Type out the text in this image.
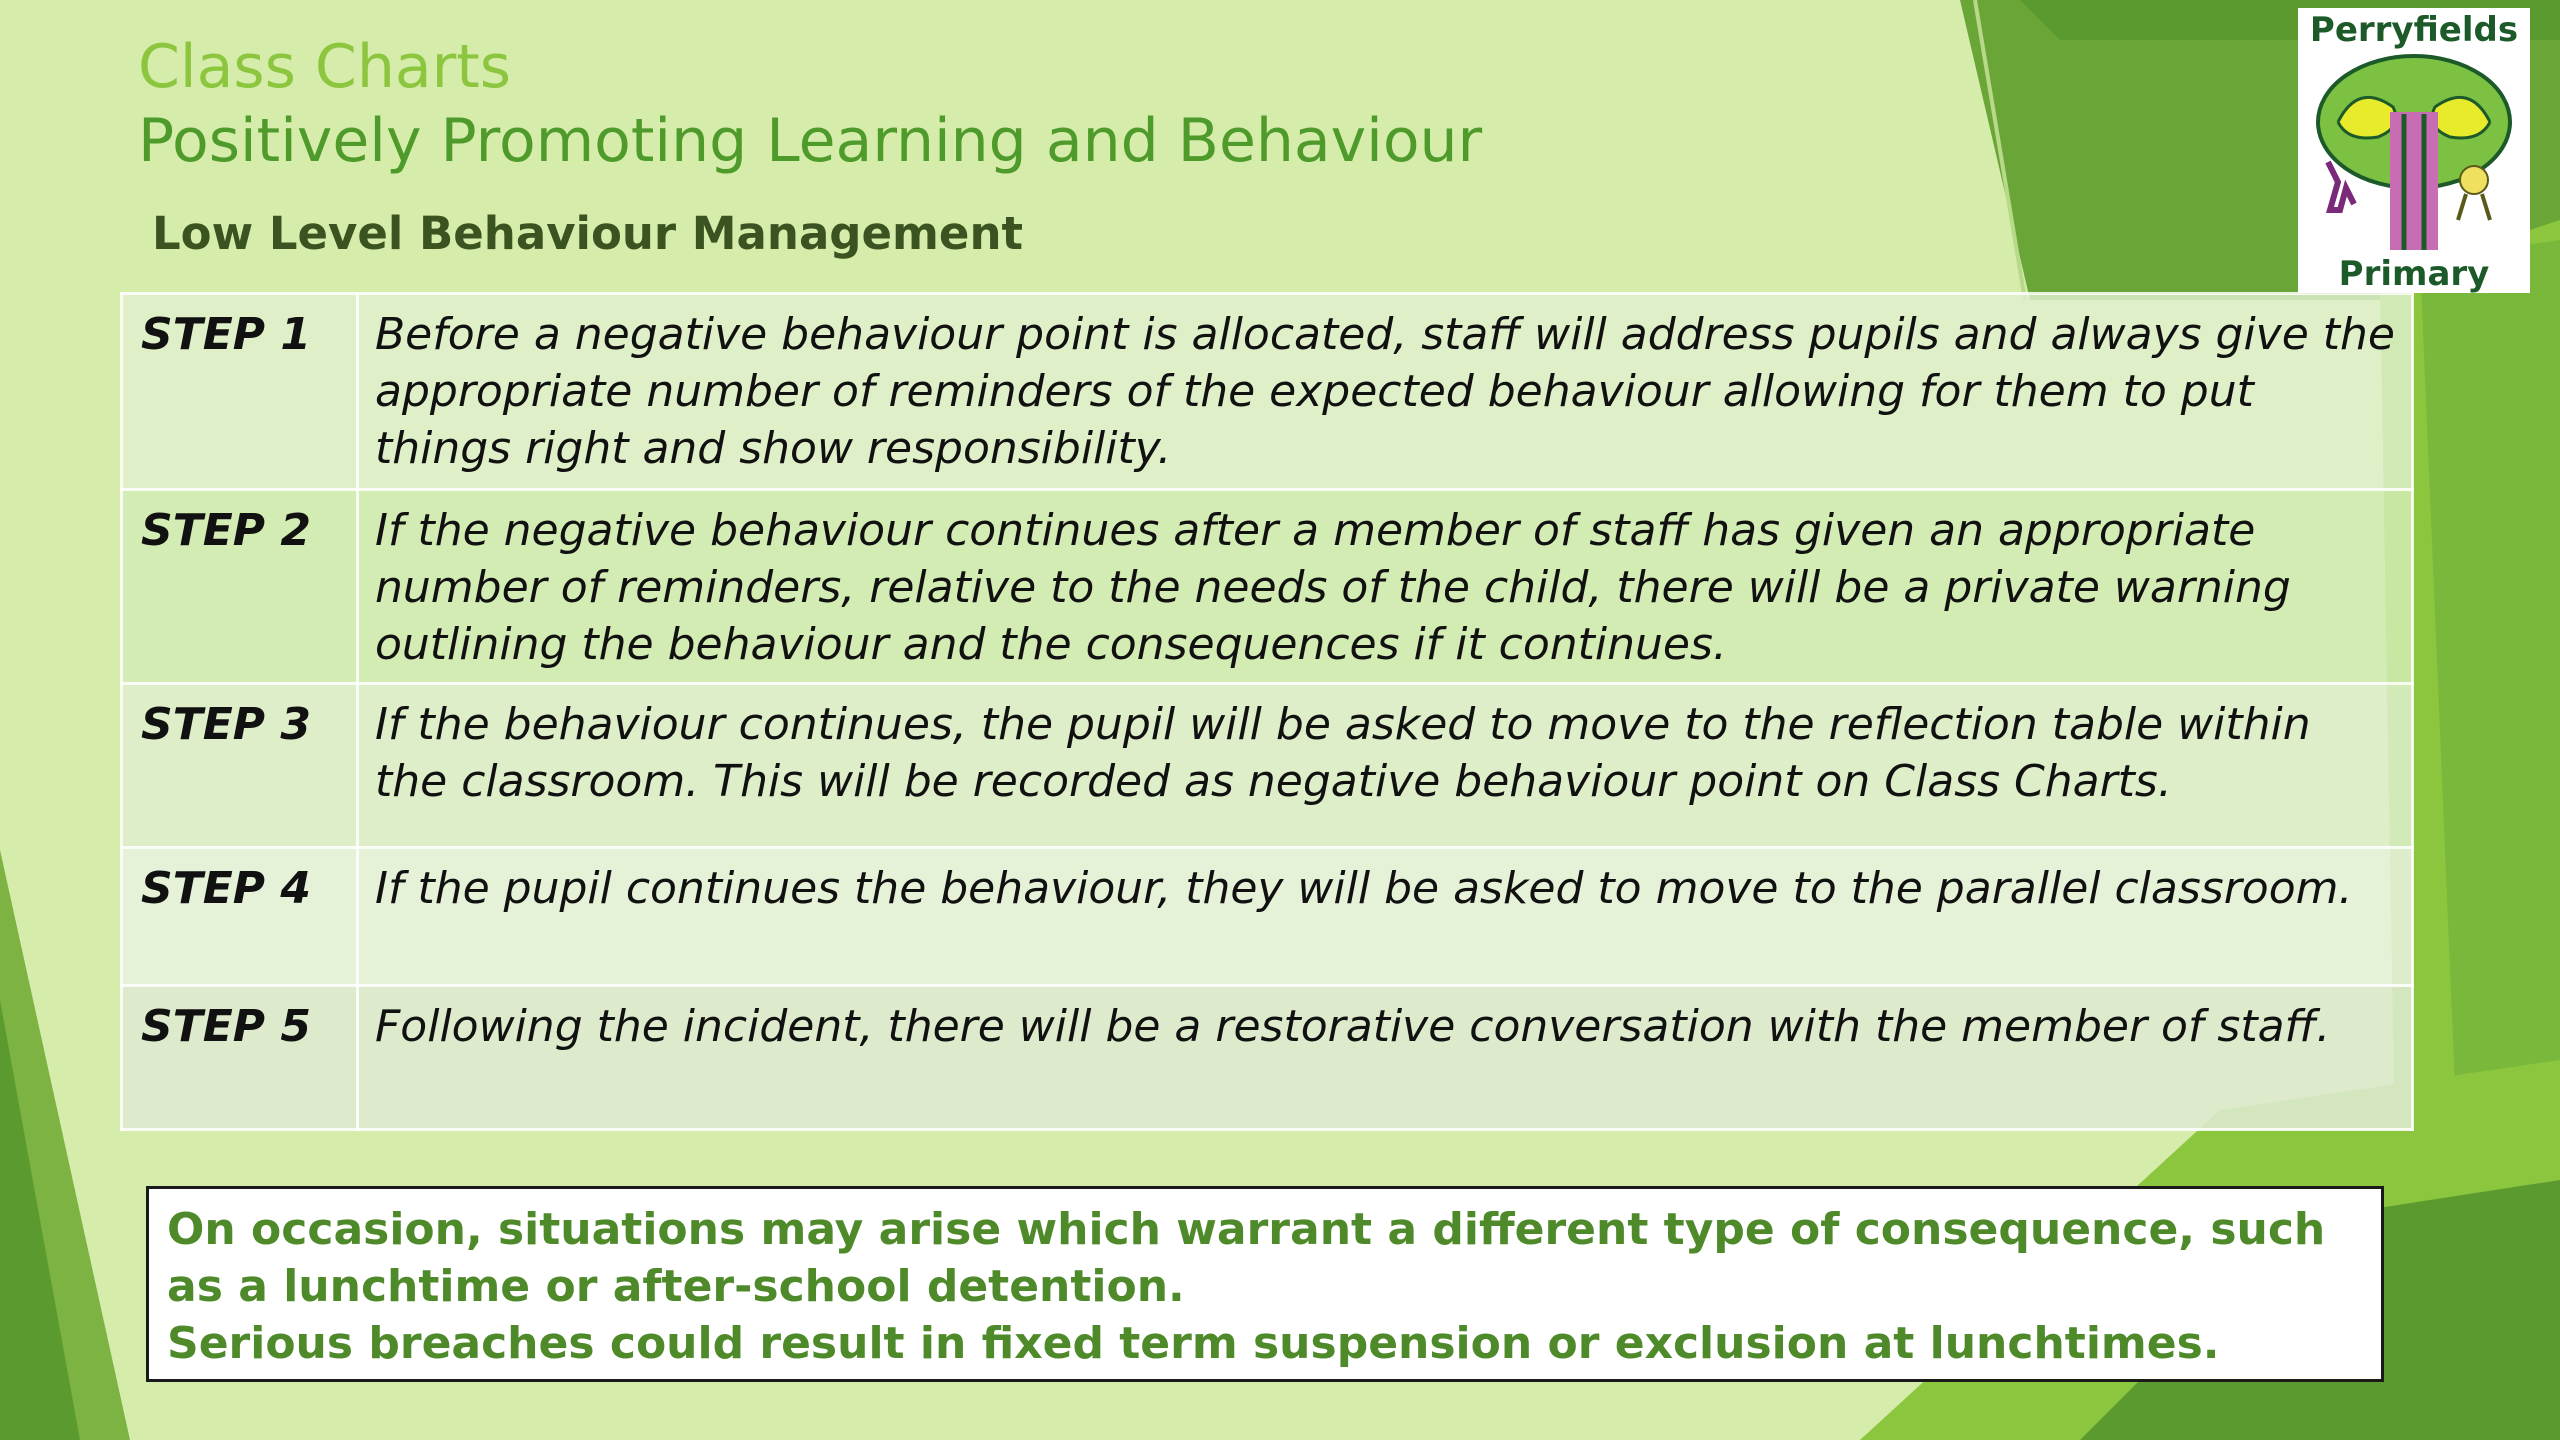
Class Charts
Positively Promoting Learning and Behaviour
Low Level Behaviour Management
Perryfields
Primary
STEP 1	Before a negative behaviour point is allocated, staff will address pupils and always give the appropriate number of reminders of the expected behaviour allowing for them to put things right and show responsibility.
STEP 2	If the negative behaviour continues after a member of staff has given an appropriate number of reminders, relative to the needs of the child, there will be a private warning outlining the behaviour and the consequences if it continues.
STEP 3	If the behaviour continues, the pupil will be asked to move to the reflection table within the classroom. This will be recorded as negative behaviour point on Class Charts.
STEP 4	If the pupil continues the behaviour, they will be asked to move to the parallel classroom.
STEP 5	Following the incident, there will be a restorative conversation with the member of staff.

On occasion, situations may arise which warrant a different type of consequence, such as a lunchtime or after-school detention.

Serious breaches could result in fixed term suspension or exclusion at lunchtimes.
